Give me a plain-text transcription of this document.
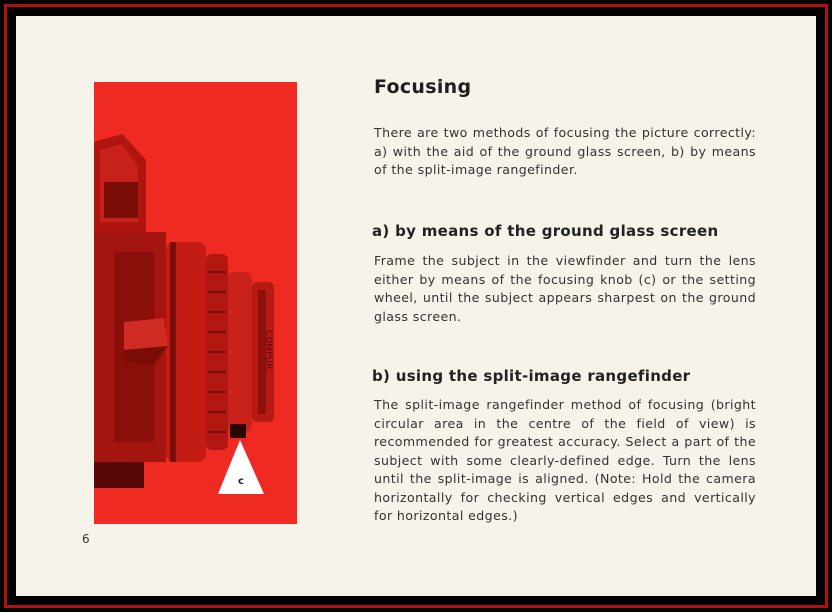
COMPUR
c
6
Focusing
There are two methods of focusing the picture correctly: a) with the aid of the ground glass screen, b) by means of the split-image rangefinder.
a) by means of the ground glass screen
Frame the subject in the viewfinder and turn the lens either by means of the focusing knob (c) or the setting wheel, until the subject appears sharpest on the ground glass screen.
b) using the split-image rangefinder
The split-image rangefinder method of focusing (bright circular area in the centre of the field of view) is recommended for greatest accuracy. Select a part of the subject with some clearly-defined edge. Turn the lens until the split-image is aligned. (Note: Hold the camera horizontally for checking vertical edges and vertically for horizontal edges.)
